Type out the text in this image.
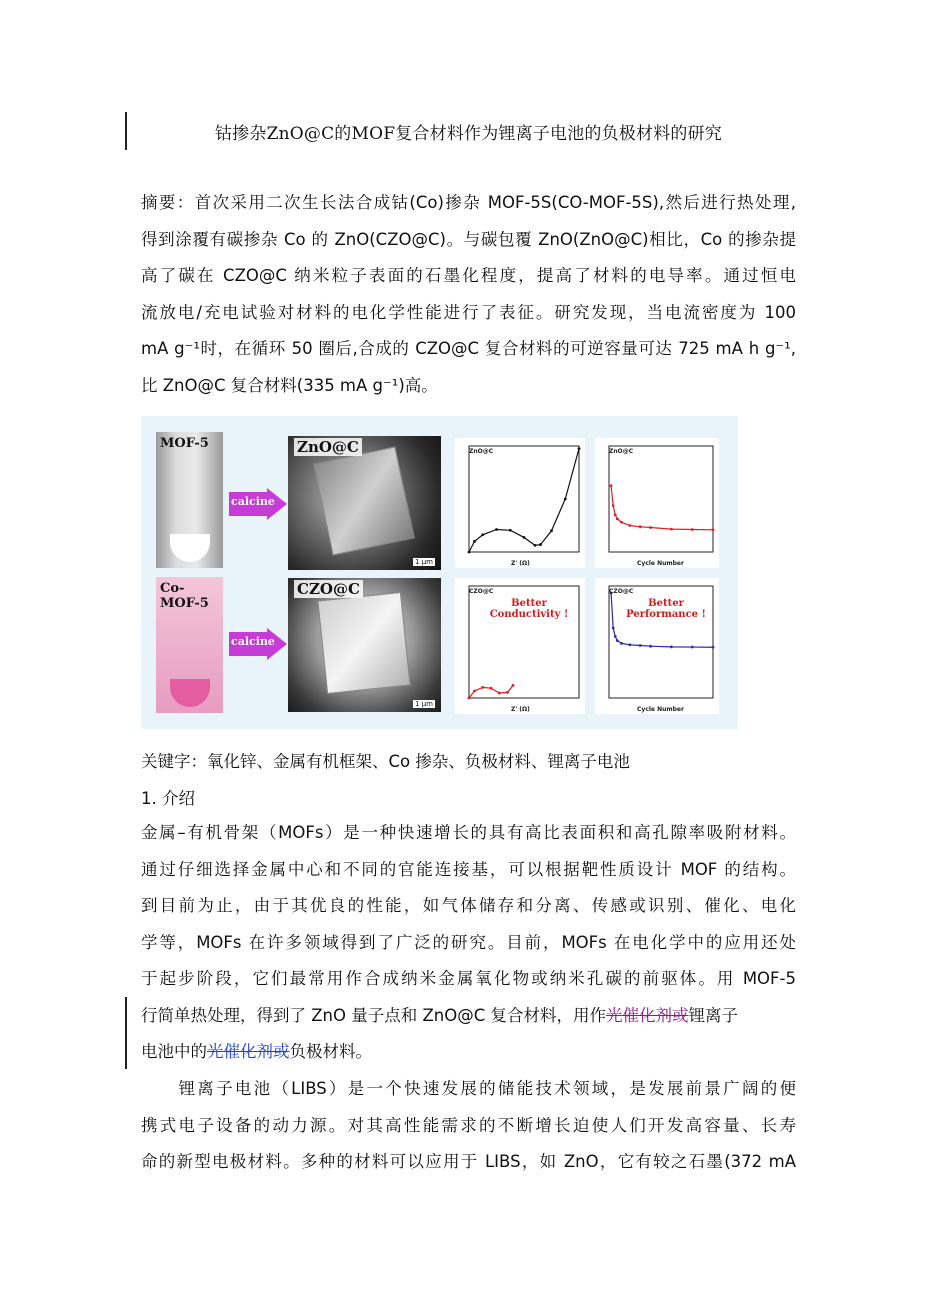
钴掺杂ZnO@C的MOF复合材料作为锂离子电池的负极材料的研究
摘要：首次采用二次生长法合成钴(Co)掺杂 MOF-5S(CO-MOF-5S),然后进行热处理,
得到涂覆有碳掺杂 Co 的 ZnO(CZO@C)。与碳包覆 ZnO(ZnO@C)相比，Co 的掺杂提
高了碳在 CZO@C 纳米粒子表面的石墨化程度，提高了材料的电导率。通过恒电
流放电/充电试验对材料的电化学性能进行了表征。研究发现，当电流密度为 100
mA g⁻¹时，在循环 50 圈后,合成的 CZO@C 复合材料的可逆容量可达 725 mA h g⁻¹,
比 ZnO@C 复合材料(335 mA g⁻¹)高。
MOF-5
Co-MOF-5
calcine
calcine
ZnO@C
1 μm
CZO@C
1 μm
ZnO@C
Z' (Ω)
ZnO@C
Cycle Number
CZO@C
Better Conductivity !
Z' (Ω)
CZO@C
Better Performance !
Cycle Number
关键字：氧化锌、金属有机框架、Co 掺杂、负极材料、锂离子电池
1. 介绍
金属–有机骨架（MOFs）是一种快速增长的具有高比表面积和高孔隙率吸附材料。
通过仔细选择金属中心和不同的官能连接基，可以根据靶性质设计 MOF 的结构。
到目前为止，由于其优良的性能，如气体储存和分离、传感或识别、催化、电化
学等，MOFs 在许多领域得到了广泛的研究。目前，MOFs 在电化学中的应用还处
于起步阶段，它们最常用作合成纳米金属氧化物或纳米孔碳的前驱体。用 MOF-5
行简单热处理，得到了 ZnO 量子点和 ZnO@C 复合材料，用作光催化剂或锂离子
电池中的光催化剂或负极材料。
　　锂离子电池（LIBS）是一个快速发展的储能技术领域，是发展前景广阔的便
携式电子设备的动力源。对其高性能需求的不断增长迫使人们开发高容量、长寿
命的新型电极材料。多种的材料可以应用于 LIBS，如 ZnO，它有较之石墨(372 mA
